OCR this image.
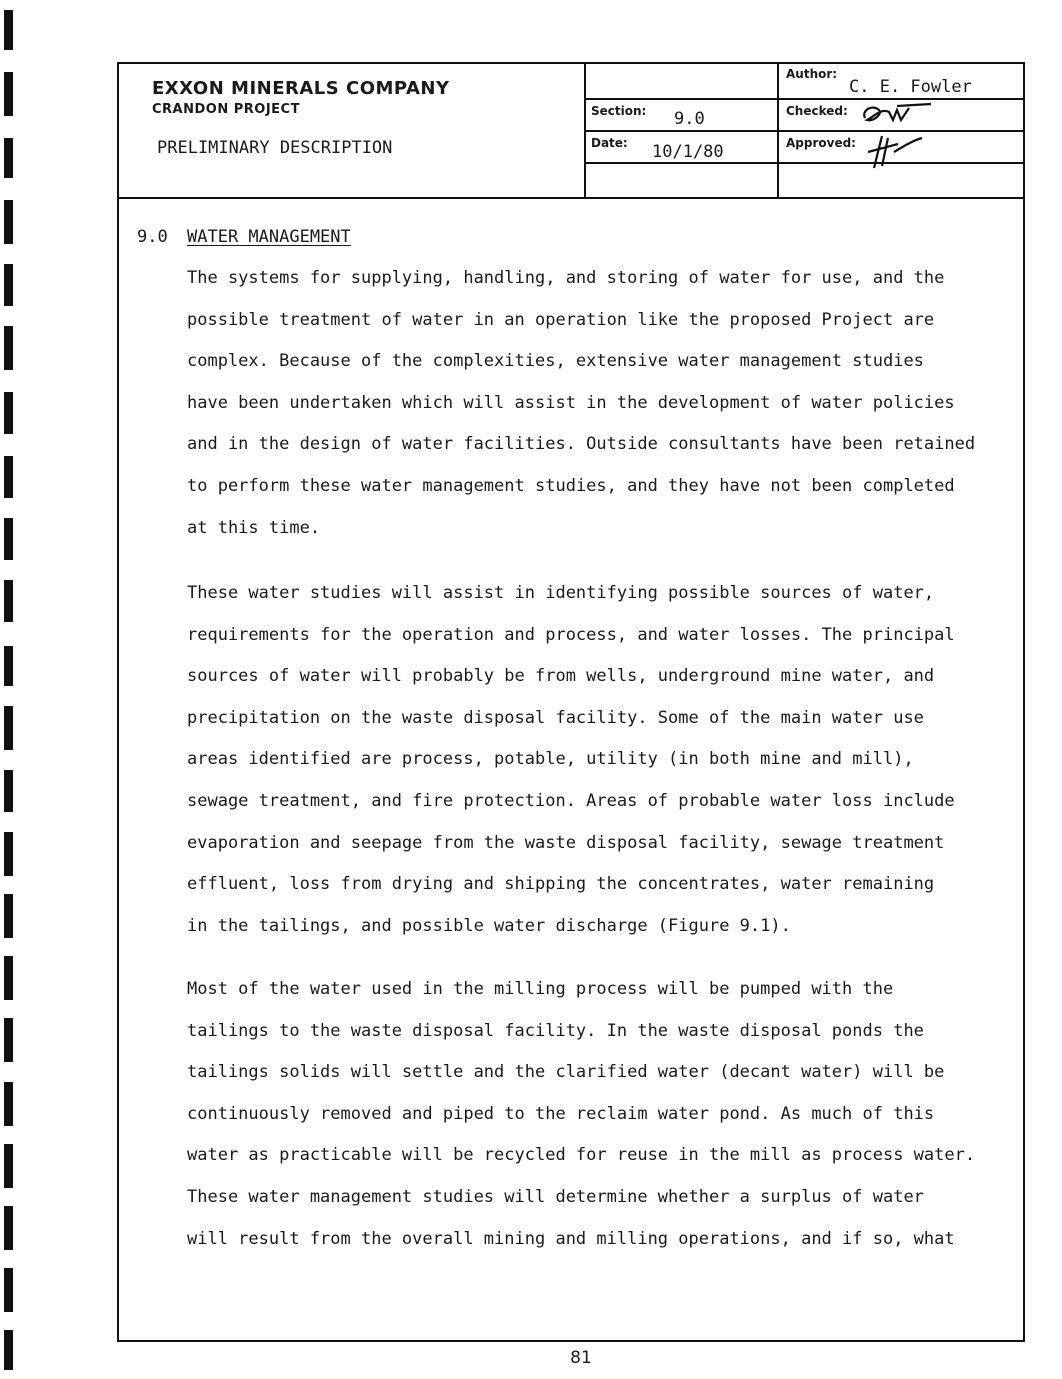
EXXON MINERALS COMPANY
CRANDON PROJECT
PRELIMINARY DESCRIPTION
Section: 9.0
Date: 10/1/80
Author:
C. E. Fowler
Checked:
Approved:
9.0 WATER MANAGEMENT
The systems for supplying, handling, and storing of water for use, and the
possible treatment of water in an operation like the proposed Project are
complex. Because of the complexities, extensive water management studies
have been undertaken which will assist in the development of water policies
and in the design of water facilities. Outside consultants have been retained
to perform these water management studies, and they have not been completed
at this time.
These water studies will assist in identifying possible sources of water,
requirements for the operation and process, and water losses. The principal
sources of water will probably be from wells, underground mine water, and
precipitation on the waste disposal facility. Some of the main water use
areas identified are process, potable, utility (in both mine and mill),
sewage treatment, and fire protection. Areas of probable water loss include
evaporation and seepage from the waste disposal facility, sewage treatment
effluent, loss from drying and shipping the concentrates, water remaining
in the tailings, and possible water discharge (Figure 9.1).
Most of the water used in the milling process will be pumped with the
tailings to the waste disposal facility. In the waste disposal ponds the
tailings solids will settle and the clarified water (decant water) will be
continuously removed and piped to the reclaim water pond. As much of this
water as practicable will be recycled for reuse in the mill as process water.
These water management studies will determine whether a surplus of water
will result from the overall mining and milling operations, and if so, what
81
